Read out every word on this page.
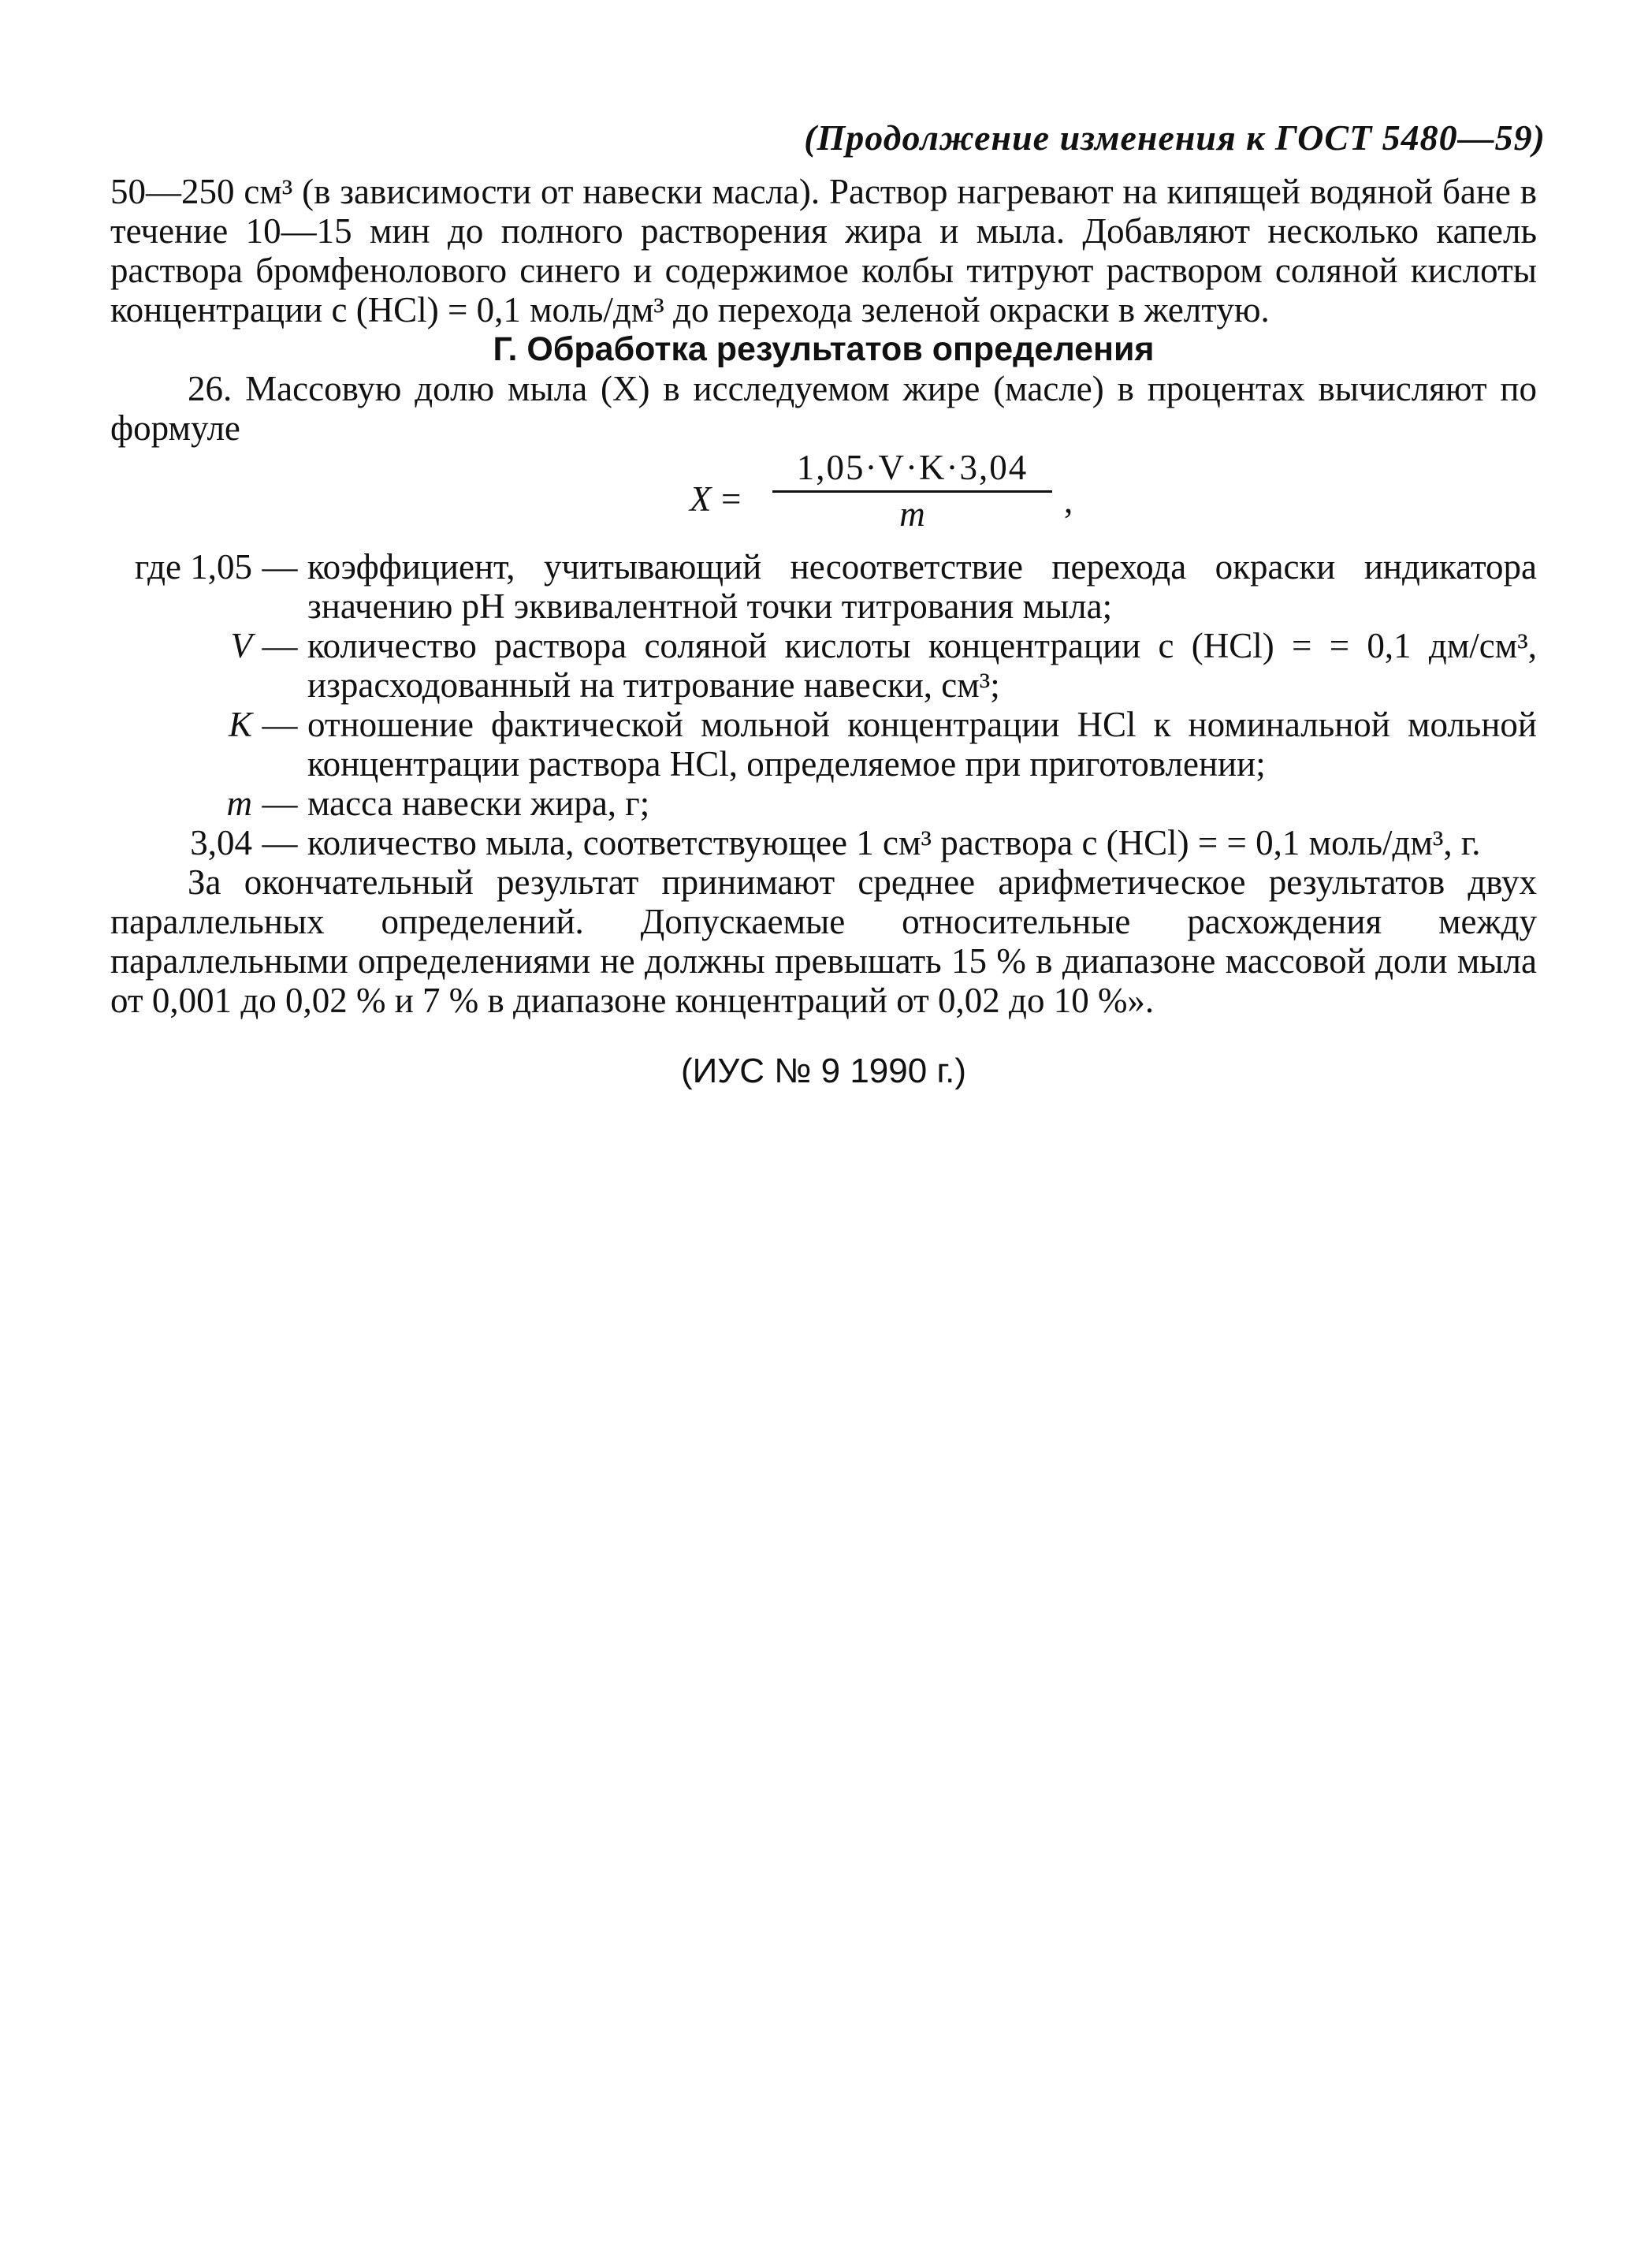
(Продолжение изменения к ГОСТ 5480—59)

50—250 см³ (в зависимости от навески масла). Раствор нагревают на кипящей водяной бане в течение 10—15 мин до полного растворения жира и мыла. Добавляют несколько капель раствора бромфенолового синего и содержимое колбы титруют раствором соляной кислоты концентрации c (HCl) = 0,1 моль/дм³ до перехода зеленой окраски в желтую.

Г. Обработка результатов определения

26. Массовую долю мыла (X) в исследуемом жире (масле) в процентах вычисляют по формуле

$X = \frac{1,05\cdot V\cdot K\cdot 3,04}{m}$ ,
где 1,05 — коэффициент, учитывающий несоответствие перехода окраски индикатора значению pH эквивалентной точки титрования мыла;
V — количество раствора соляной кислоты концентрации c (HCl) = = 0,1 дм/см³, израсходованный на титрование навески, см³;
K — отношение фактической мольной концентрации HCl к номинальной мольной концентрации раствора HCl, определяемое при приготовлении;
m — масса навески жира, г;
3,04 — количество мыла, соответствующее 1 см³ раствора c (HCl) = = 0,1 моль/дм³, г.

За окончательный результат принимают среднее арифметическое результатов двух параллельных определений. Допускаемые относительные расхождения между параллельными определениями не должны превышать 15 % в диапазоне массовой доли мыла от 0,001 до 0,02 % и 7 % в диапазоне концентраций от 0,02 до 10 %».

(ИУС № 9 1990 г.)
